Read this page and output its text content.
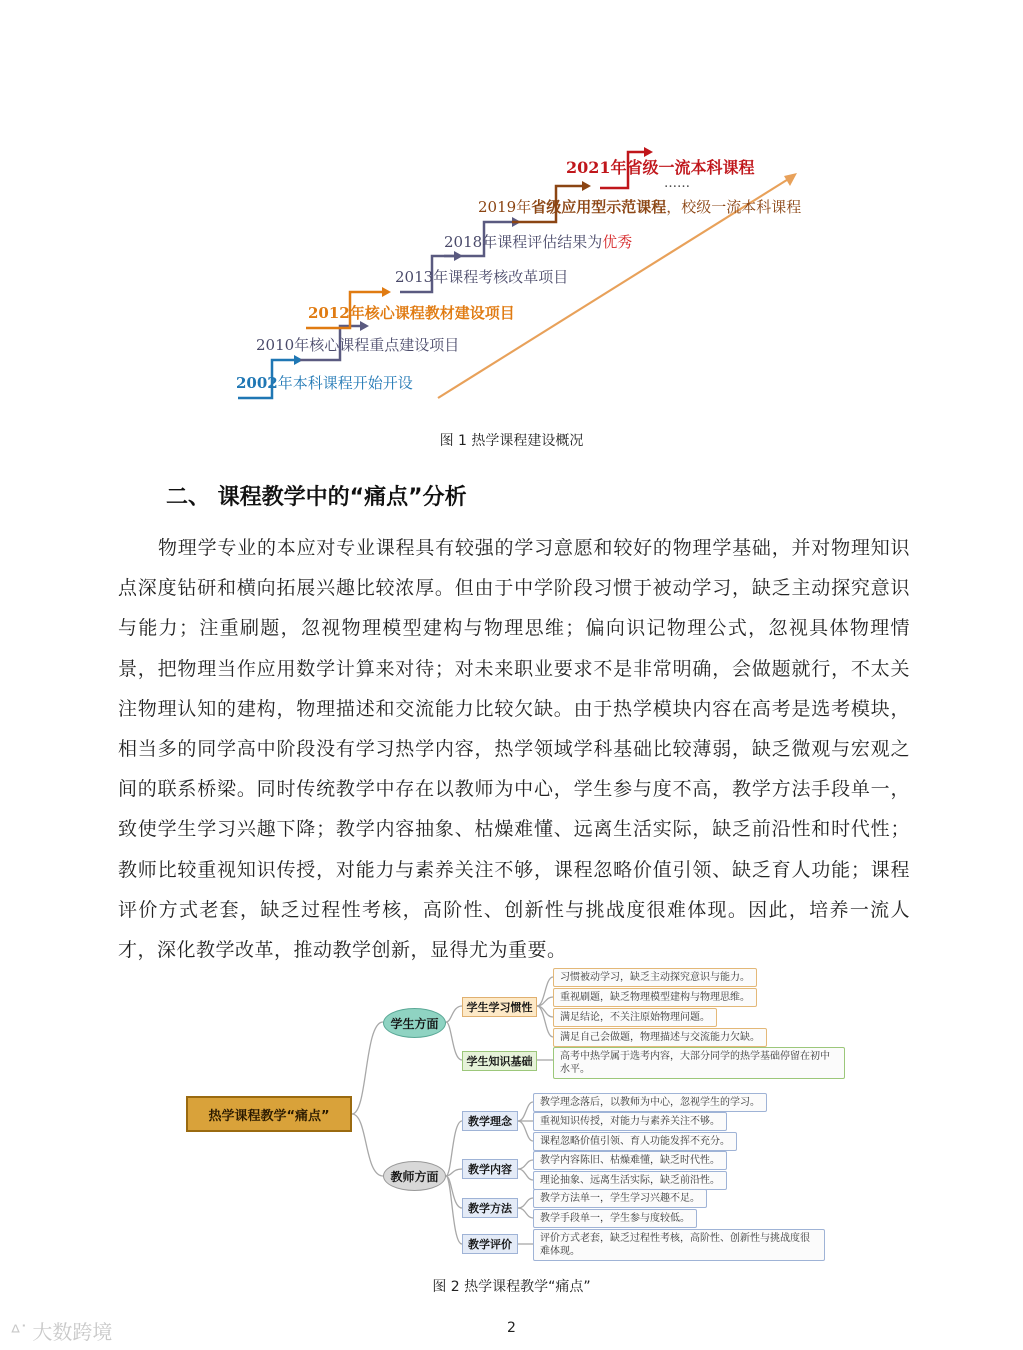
2002年本科课程开始开设
2010年核心课程重点建设项目
2012年核心课程教材建设项目
2013年课程考核改革项目
2018年课程评估结果为优秀
2019年省级应用型示范课程，校级一流本科课程
2021年省级一流本科课程
……
图 1 热学课程建设概况
二、 课程教学中的“痛点”分析
物理学专业的本应对专业课程具有较强的学习意愿和较好的物理学基础，并对物理知识点深度钻研和横向拓展兴趣比较浓厚。但由于中学阶段习惯于被动学习，缺乏主动探究意识与能力；注重刷题，忽视物理模型建构与物理思维；偏向识记物理公式，忽视具体物理情景，把物理当作应用数学计算来对待；对未来职业要求不是非常明确，会做题就行，不太关注物理认知的建构，物理描述和交流能力比较欠缺。由于热学模块内容在高考是选考模块，相当多的同学高中阶段没有学习热学内容，热学领域学科基础比较薄弱，缺乏微观与宏观之间的联系桥梁。同时传统教学中存在以教师为中心，学生参与度不高，教学方法手段单一，致使学生学习兴趣下降；教学内容抽象、枯燥难懂、远离生活实际，缺乏前沿性和时代性；教师比较重视知识传授，对能力与素养关注不够，课程忽略价值引领、缺乏育人功能；课程评价方式老套，缺乏过程性考核，高阶性、创新性与挑战度很难体现。因此，培养一流人才，深化教学改革，推动教学创新，显得尤为重要。
热学课程教学“痛点”
学生方面
学生学习惯性
习惯被动学习，缺乏主动探究意识与能力。
重视刷题，缺乏物理模型建构与物理思维。
满足结论，不关注原始物理问题。
满足自己会做题，物理描述与交流能力欠缺。
学生知识基础	高考中热学属于选考内容，大部分同学的热学基础停留在初中水平。
教师方面
教学理念
教学理念落后，以教师为中心，忽视学生的学习。
重视知识传授，对能力与素养关注不够。
课程忽略价值引领、育人功能发挥不充分。
教学内容
教学内容陈旧、枯燥难懂，缺乏时代性。
理论抽象、远离生活实际，缺乏前沿性。
教学方法
教学方法单一，学生学习兴趣不足。
教学手段单一，学生参与度较低。
教学评价	评价方式老套，缺乏过程性考核，高阶性、创新性与挑战度很难体现。
图 2 热学课程教学“痛点”
2
ᐞᐝ 大数跨境
